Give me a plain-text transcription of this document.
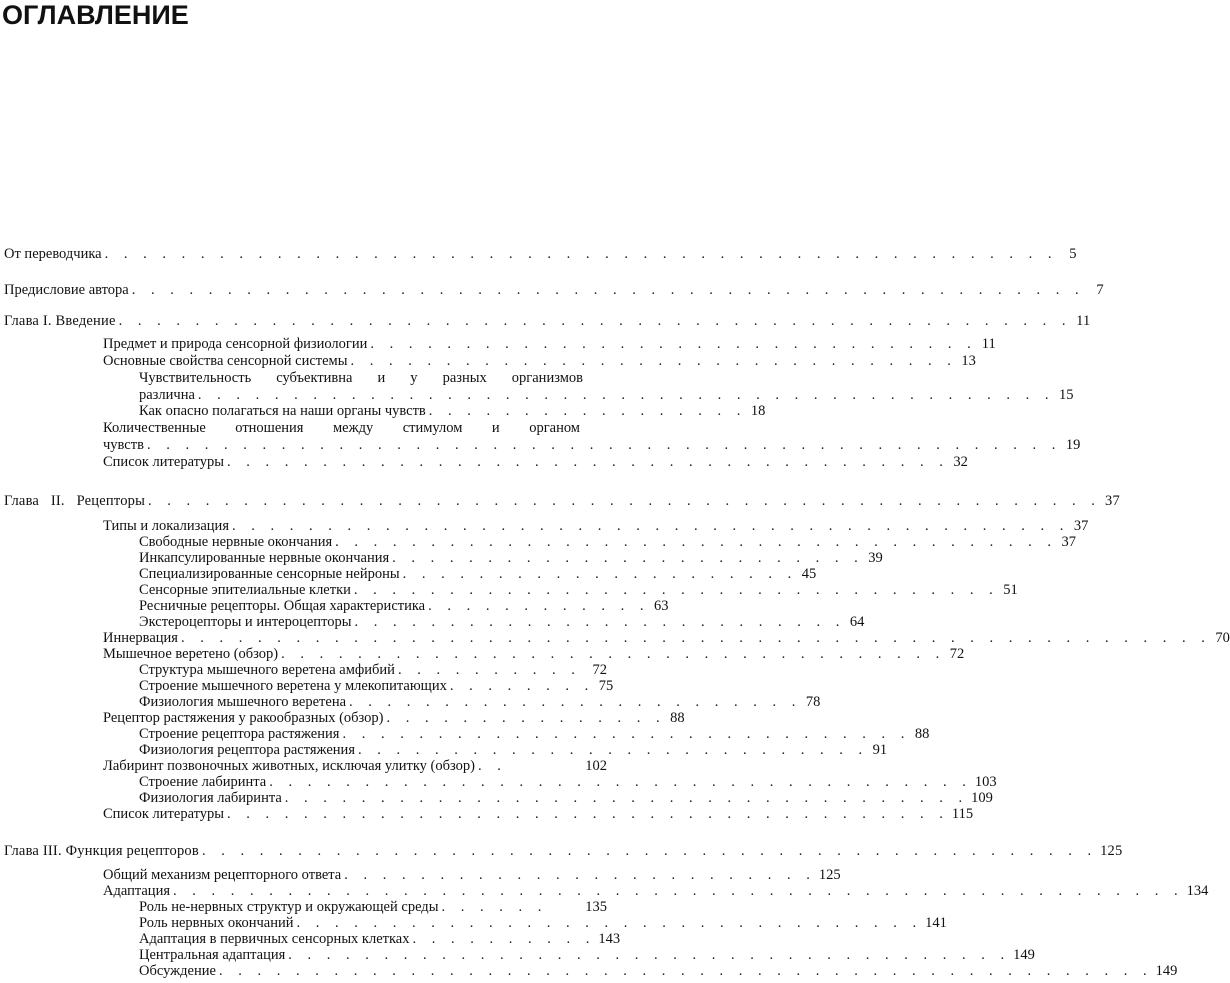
ОГЛАВЛЕНИЕ
От переводчика . . . . . . . . . . . . . . . . . . . . . . . . . . . . . . . . . . . . . . . . . . . . . . . . . . 5
Предисловие автора . . . . . . . . . . . . . . . . . . . . . . . . . . . . . . . . . . . . . . . . . . . . . . . . . . 7
Глава I. Введение . . . . . . . . . . . . . . . . . . . . . . . . . . . . . . . . . . . . . . . . . . . . . . . . . . 11
Предмет и природа сенсорной физиологии . . . . . . . . . . . . . . . . . . . . . . . . . . . . . . . . 11
Основные свойства сенсорной системы . . . . . . . . . . . . . . . . . . . . . . . . . . . . . . . . 13
Чувствительность субъективна и у разных организмов
различна . . . . . . . . . . . . . . . . . . . . . . . . . . . . . . . . . . . . . . . . . . . . . 15
Как опасно полагаться на наши органы чувств . . . . . . . . . . . . . . . . . 18
Количественные отношения между стимулом и органом
чувств . . . . . . . . . . . . . . . . . . . . . . . . . . . . . . . . . . . . . . . . . . . . . . . . 19
Список литературы . . . . . . . . . . . . . . . . . . . . . . . . . . . . . . . . . . . . . . 32
Глава II. Рецепторы . . . . . . . . . . . . . . . . . . . . . . . . . . . . . . . . . . . . . . . . . . . . . . . . . . 37
Типы и локализация . . . . . . . . . . . . . . . . . . . . . . . . . . . . . . . . . . . . . . . . . . . . 37
Свободные нервные окончания . . . . . . . . . . . . . . . . . . . . . . . . . . . . . . . . . . . . . . 37
Инкапсулированные нервные окончания . . . . . . . . . . . . . . . . . . . . . . . . . 39
Специализированные сенсорные нейроны . . . . . . . . . . . . . . . . . . . . . 45
Сенсорные эпителиальные клетки . . . . . . . . . . . . . . . . . . . . . . . . . . . . . . . . . . 51
Ресничные рецепторы. Общая характеристика . . . . . . . . . . . . 63
Экстероцепторы и интероцепторы . . . . . . . . . . . . . . . . . . . . . . . . . . 64
Иннервация . . . . . . . . . . . . . . . . . . . . . . . . . . . . . . . . . . . . . . . . . . . . . . . . . . . . . . 70
Мышечное веретено (обзор) . . . . . . . . . . . . . . . . . . . . . . . . . . . . . . . . . . . 72
Структура мышечного веретена амфибий . . . . . . . . . . 72
Строение мышечного веретена у млекопитающих . . . . . . . . 75
Физиология мышечного веретена . . . . . . . . . . . . . . . . . . . . . . . . 78
Рецептор растяжения у ракообразных (обзор) . . . . . . . . . . . . . . . 88
Строение рецептора растяжения . . . . . . . . . . . . . . . . . . . . . . . . . . . . . . 88
Физиология рецептора растяжения . . . . . . . . . . . . . . . . . . . . . . . . . . . 91
Лабиринт позвоночных животных, исключая улитку (обзор) . .	102
Строение лабиринта . . . . . . . . . . . . . . . . . . . . . . . . . . . . . . . . . . . . . 103
Физиология лабиринта . . . . . . . . . . . . . . . . . . . . . . . . . . . . . . . . . . . . 109
Список литературы . . . . . . . . . . . . . . . . . . . . . . . . . . . . . . . . . . . . . . 115
Глава III. Функция рецепторов . . . . . . . . . . . . . . . . . . . . . . . . . . . . . . . . . . . . . . . . . . . . . . . 125
Общий механизм рецепторного ответа . . . . . . . . . . . . . . . . . . . . . . . . . 125
Адаптация . . . . . . . . . . . . . . . . . . . . . . . . . . . . . . . . . . . . . . . . . . . . . . . . . . . . . 134
Роль не-нервных структур и окружающей среды . . . . . .	135
Роль нервных окончаний . . . . . . . . . . . . . . . . . . . . . . . . . . . . . . . . . 141
Адаптация в первичных сенсорных клетках . . . . . . . . . . 143
Центральная адаптация . . . . . . . . . . . . . . . . . . . . . . . . . . . . . . . . . . . . . . 149
Обсуждение . . . . . . . . . . . . . . . . . . . . . . . . . . . . . . . . . . . . . . . . . . . . . . . . . 149
